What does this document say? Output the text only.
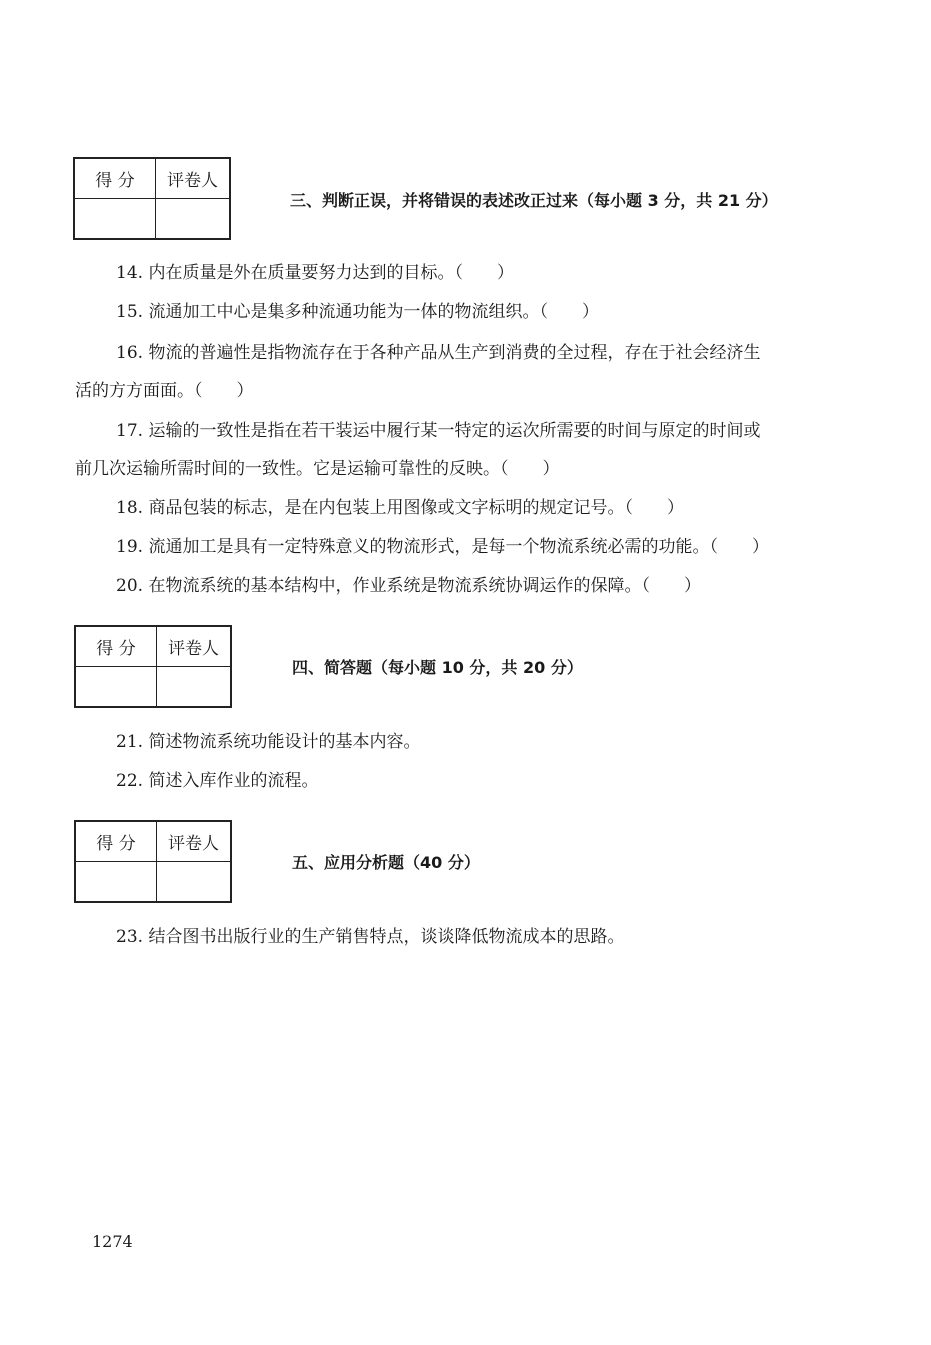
得 分	评卷人

三、判断正误，并将错误的表述改正过来（每小题 3 分，共 21 分）
14. 内在质量是外在质量要努力达到的目标。（　　）
15. 流通加工中心是集多种流通功能为一体的物流组织。（　　）
16. 物流的普遍性是指物流存在于各种产品从生产到消费的全过程，存在于社会经济生
活的方方面面。（　　）
17. 运输的一致性是指在若干装运中履行某一特定的运次所需要的时间与原定的时间或
前几次运输所需时间的一致性。它是运输可靠性的反映。（　　）
18. 商品包装的标志，是在内包装上用图像或文字标明的规定记号。（　　）
19. 流通加工是具有一定特殊意义的物流形式，是每一个物流系统必需的功能。（　　）
20. 在物流系统的基本结构中，作业系统是物流系统协调运作的保障。（　　）
得 分	评卷人

四、简答题（每小题 10 分，共 20 分）
21. 简述物流系统功能设计的基本内容。
22. 简述入库作业的流程。
得 分	评卷人

五、应用分析题（40 分）
23. 结合图书出版行业的生产销售特点，谈谈降低物流成本的思路。
1274
